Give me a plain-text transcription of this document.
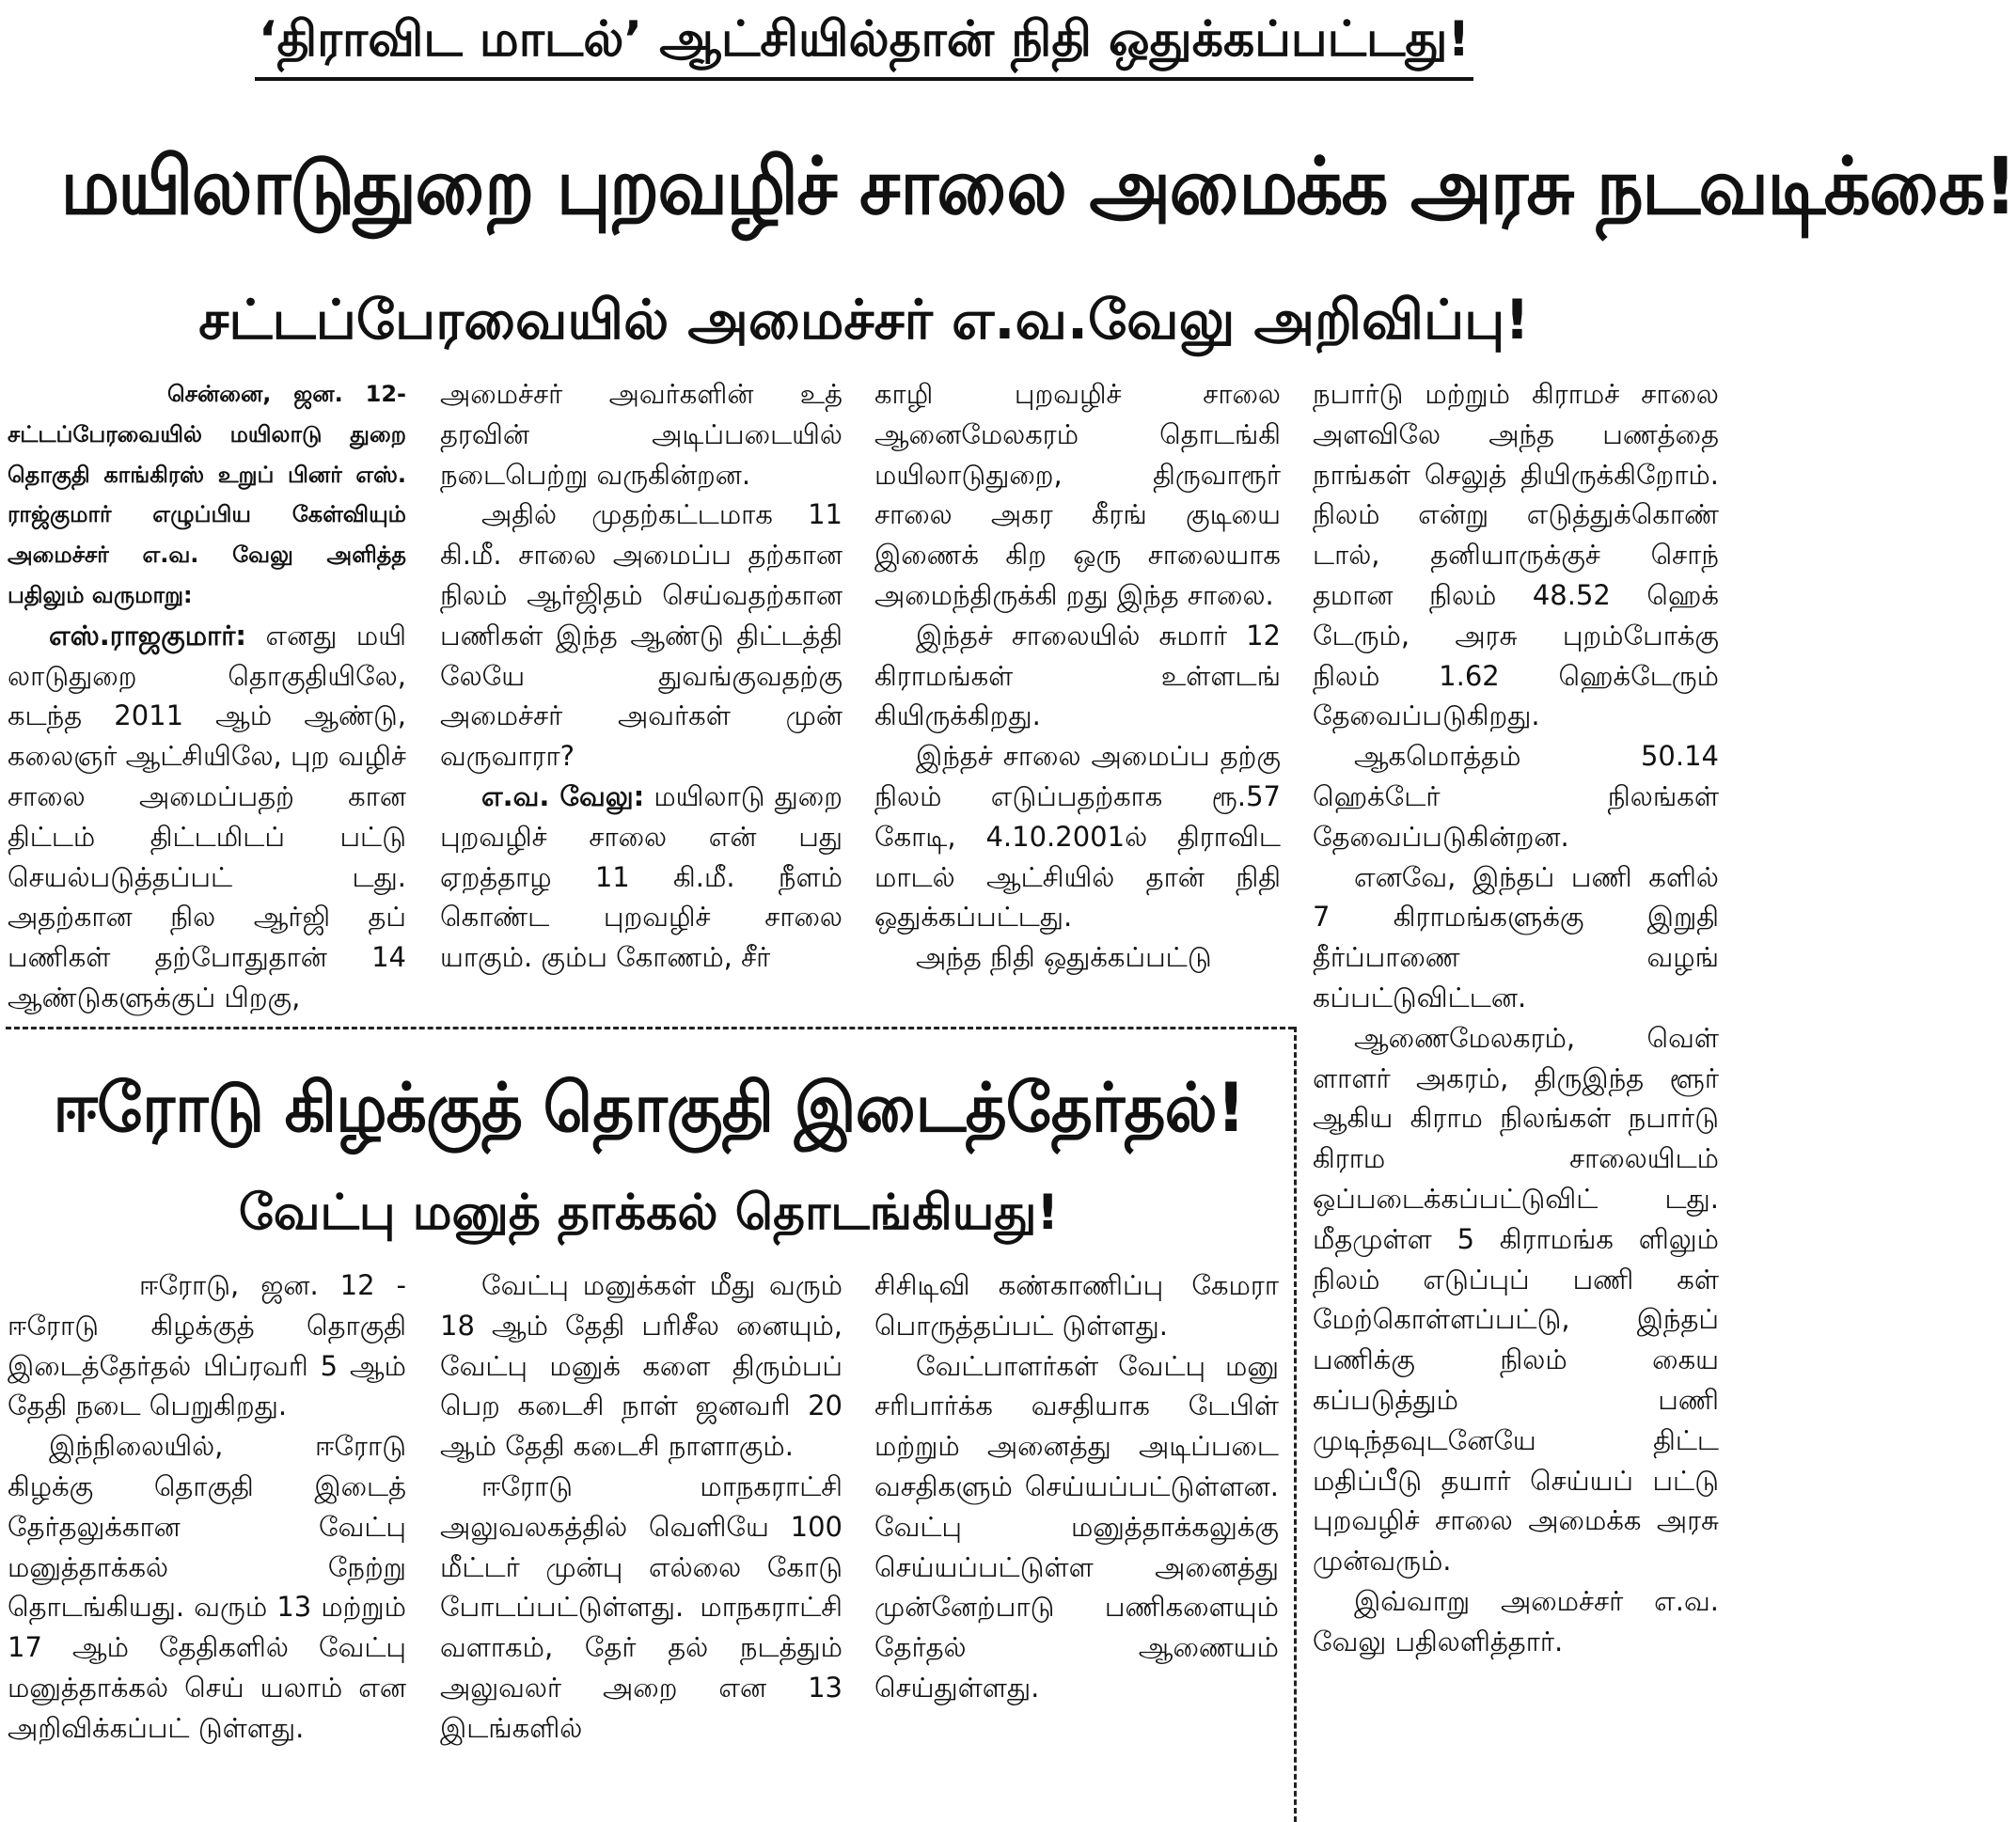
‘திராவிட மாடல்’ ஆட்சியில்தான் நிதி ஒதுக்கப்பட்டது!
மயிலாடுதுறை புறவழிச் சாலை அமைக்க அரசு நடவடிக்கை!
சட்டப்பேரவையில் அமைச்சர் எ.வ.வேலு அறிவிப்பு!

சென்னை, ஜன. 12- சட்டப்பேரவையில் மயிலாடு துறை தொகுதி காங்கிரஸ் உறுப் பினர் எஸ். ராஜ்குமார் எழுப்பிய கேள்வியும் அமைச்சர் எ.வ. வேலு அளித்த பதிலும் வருமாறு:

எஸ்.ராஜகுமார்: எனது மயி லாடுதுறை தொகுதியிலே, கடந்த 2011 ஆம் ஆண்டு, கலைஞர் ஆட்சியிலே, புற வழிச் சாலை அமைப்பதற் கான திட்டம் திட்டமிடப் பட்டு செயல்படுத்தப்பட் டது. அதற்கான நில ஆர்ஜி தப் பணிகள் தற்போதுதான் 14 ஆண்டுகளுக்குப் பிறகு,

அமைச்சர் அவர்களின் உத் தரவின் அடிப்படையில் நடைபெற்று வருகின்றன.

அதில் முதற்கட்டமாக 11 கி.மீ. சாலை அமைப்ப தற்கான நிலம் ஆர்ஜிதம் செய்வதற்கான பணிகள் இந்த ஆண்டு திட்டத்தி லேயே துவங்குவதற்கு அமைச்சர் அவர்கள் முன் வருவாரா?

எ.வ. வேலு: மயிலாடு துறை புறவழிச் சாலை என் பது ஏறத்தாழ 11 கி.மீ. நீளம் கொண்ட புறவழிச் சாலை யாகும். கும்ப கோணம், சீர்

காழி புறவழிச் சாலை ஆனைமேலகரம் தொடங்கி மயிலாடுதுறை, திருவாரூர் சாலை அகர கீரங் குடியை இணைக் கிற ஒரு சாலையாக அமைந்திருக்கி றது இந்த சாலை.

இந்தச் சாலையில் சுமார் 12 கிராமங்கள் உள்ளடங் கியிருக்கிறது.

இந்தச் சாலை அமைப்ப தற்கு நிலம் எடுப்பதற்காக ரூ.57 கோடி, 4.10.2001ல் திராவிட மாடல் ஆட்சியில் தான் நிதி ஒதுக்கப்பட்டது.

அந்த நிதி ஒதுக்கப்பட்டு

நபார்டு மற்றும் கிராமச் சாலை அளவிலே அந்த பணத்தை நாங்கள் செலுத் தியிருக்கிறோம். நிலம் என்று எடுத்துக்கொண் டால், தனியாருக்குச் சொந் தமான நிலம் 48.52 ஹெக் டேரும், அரசு புறம்போக்கு நிலம் 1.62 ஹெக்டேரும் தேவைப்படுகிறது.

ஆகமொத்தம் 50.14 ஹெக்டேர் நிலங்கள் தேவைப்படுகின்றன.

எனவே, இந்தப் பணி களில் 7 கிராமங்களுக்கு இறுதி தீர்ப்பாணை வழங் கப்பட்டுவிட்டன.

ஆணைமேலகரம், வெள் ளாளர் அகரம், திருஇந்த ளூர் ஆகிய கிராம நிலங்கள் நபார்டு கிராம சாலையிடம் ஒப்படைக்கப்பட்டுவிட் டது. மீதமுள்ள 5 கிராமங்க ளிலும் நிலம் எடுப்புப் பணி கள் மேற்கொள்ளப்பட்டு, இந்தப் பணிக்கு நிலம் கைய கப்படுத்தும் பணி முடிந்தவுடனேயே திட்ட மதிப்பீடு தயார் செய்யப் பட்டு புறவழிச் சாலை அமைக்க அரசு முன்வரும்.

இவ்வாறு அமைச்சர் எ.வ. வேலு பதிலளித்தார்.

ஈரோடு கிழக்குத் தொகுதி இடைத்தேர்தல்!
வேட்பு மனுத் தாக்கல் தொடங்கியது!

ஈரோடு, ஜன. 12 - ஈரோடு கிழக்குத் தொகுதி இடைத்தேர்தல் பிப்ரவரி 5 ஆம் தேதி நடை பெறுகிறது.

இந்நிலையில், ஈரோடு கிழக்கு தொகுதி இடைத் தேர்தலுக்கான வேட்பு மனுத்தாக்கல் நேற்று தொடங்கியது. வரும் 13 மற்றும் 17 ஆம் தேதிகளில் வேட்பு மனுத்தாக்கல் செய் யலாம் என அறிவிக்கப்பட் டுள்ளது.

வேட்பு மனுக்கள் மீது வரும் 18 ஆம் தேதி பரிசீல னையும், வேட்பு மனுக் களை திரும்பப் பெற கடைசி நாள் ஜனவரி 20 ஆம் தேதி கடைசி நாளாகும்.

ஈரோடு மாநகராட்சி அலுவலகத்தில் வெளியே 100 மீட்டர் முன்பு எல்லை கோடு போடப்பட்டுள்ளது. மாநகராட்சி வளாகம், தேர் தல் நடத்தும் அலுவலர் அறை என 13 இடங்களில்

சிசிடிவி கண்காணிப்பு கேமரா பொருத்தப்பட் டுள்ளது.

வேட்பாளர்கள் வேட்பு மனு சரிபார்க்க வசதியாக டேபிள் மற்றும் அனைத்து அடிப்படை வசதிகளும் செய்யப்பட்டுள்ளன. வேட்பு மனுத்தாக்கலுக்கு செய்யப்பட்டுள்ள அனைத்து முன்னேற்பாடு பணிகளையும் தேர்தல் ஆணையம் செய்துள்ளது.
